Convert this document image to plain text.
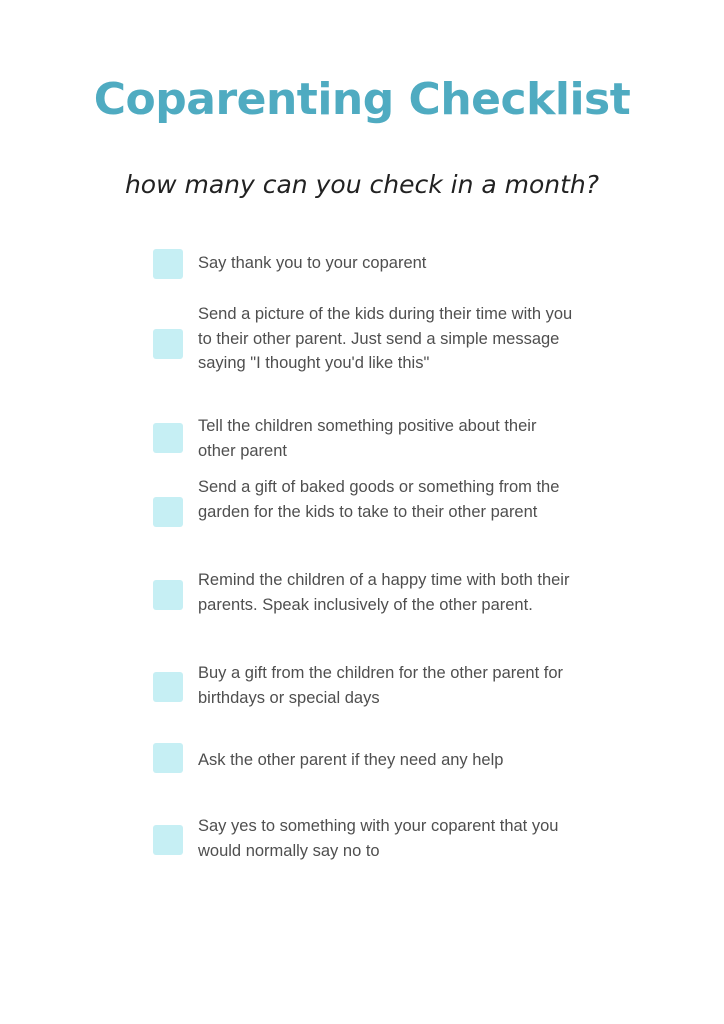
Coparenting Checklist

how many can you check in a month?

Say thank you to your coparent
Send a picture of the kids during their time with you to their other parent. Just send a simple message saying "I thought you'd like this"
Tell the children something positive about their other parent
Send a gift of baked goods or something from the garden for the kids to take to their other parent
Remind the children of a happy time with both their parents. Speak inclusively of the other parent.
Buy a gift from the children for the other parent for birthdays or special days
Ask the other parent if they need any help
Say yes to something with your coparent that you would normally say no to
